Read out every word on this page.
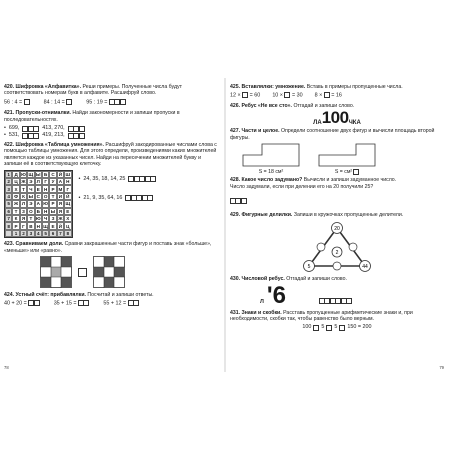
420. Шифровка «Алфавитка». Реши примеры. Полученные числа будут соответствовать номерам букв в алфавите. Расшифруй слово.

56 : 4 =	84 : 14 =	95 : 19 =

421. Пропуски-отнималки. Найди закономерности и запиши пропуски в последовательностях.

• 699,	413, 270,
• 531,	419, 213,

422. Шифровка «Таблица умножения». Расшифруй закодированные числами слова с помощью таблицы умножения. Для этого определи, произведениями каких множителей является каждое из указанных чисел. Найди на пересечении множителей букву и запиши её в соответствующую клеточку.

1 Д Ю Щ Ы Б С Й Ш
2 Ц Ж Э Л Г	У А Н
3 Х Т Ч Е Н Р М Г
4 Ф К Ы С О Т И Й
5 Ж Л Э А Ю Р Я Щ
6	Т З О Б Н Ы Я Е
7	К Я Т Ю Ч З Ж Х
8 Р Г В Н Щ Е Й Ц
1	2	3	4	5	6	7	8
• 24, 35, 18, 14, 25
• 21, 9, 35, 64, 16

423. Сравниваем доли. Сравни закрашенные части фигур и поставь знак «больше», «меньше» или «равно».

424. Устный счёт: прибавлялки. Посчитай и запиши ответы.

40 + 20 =	35 + 15 =	55 + 12 =
78

425. Вставлялки: умножение. Вставь в примеры пропущенные числа.

12 × = 60 10 × = 30 8 × = 16

426. Ребус «Не все сто». Отгадай и запиши слово.

ЛА 100 ЧКА

427. Части и целое. Определи соотношение двух фигур и вычисли площадь второй фигуры.

S = 18 см²	S = см²

428. Какое число задумано? Вычисли и запиши задуманное число.

Число задумали, если при делении его на 20 получили 25?

429. Фигурные делилки. Запиши в кружочках пропущенные делители.

20
2
5	44

430. Числовой ребус. Отгадай и запиши слово.

Л '6

431. Знаки и скобки. Расставь пропущенные арифметические знаки и, при необходимости, скобки так, чтобы равенство было верным.

100 5 5 150 = 200
79
